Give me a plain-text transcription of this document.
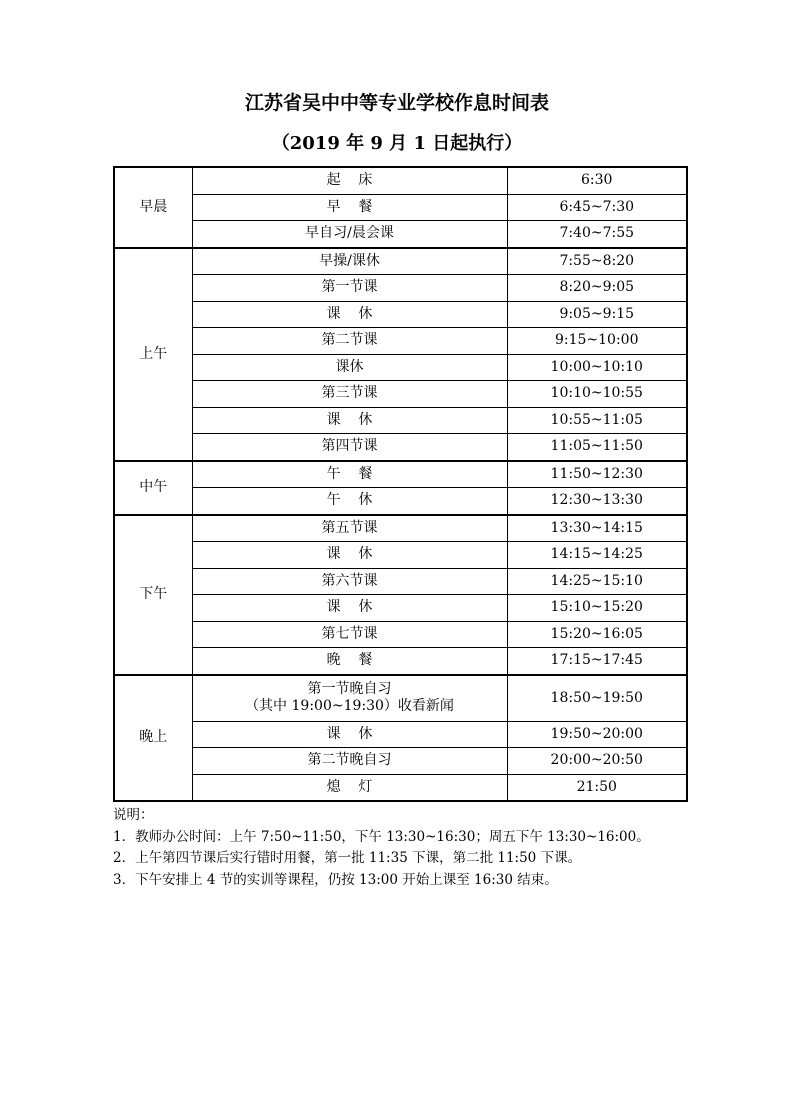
江苏省吴中中等专业学校作息时间表
（2019 年 9 月 1 日起执行）
早晨	起    床	6:30
	早    餐	6:45~7:30
	早自习/晨会课	7:40~7:55
上午	早操/课休	7:55~8:20
	第一节课	8:20~9:05
	课    休	9:05~9:15
	第二节课	9:15~10:00
	课休	10:00~10:10
	第三节课	10:10~10:55
	课    休	10:55~11:05
	第四节课	11:05~11:50
中午	午    餐	11:50~12:30
	午    休	12:30~13:30
下午	第五节课	13:30~14:15
	课    休	14:15~14:25
	第六节课	14:25~15:10
	课    休	15:10~15:20
	第七节课	15:20~16:05
	晚    餐	17:15~17:45
晚上	第一节晚自习
（其中 19:00~19:30）收看新闻	18:50~19:50
	课    休	19:50~20:00
	第二节晚自习	20:00~20:50
	熄    灯	21:50
说明：
1．教师办公时间：上午 7:50~11:50，下午 13:30~16:30；周五下午 13:30~16:00。
2．上午第四节课后实行错时用餐，第一批 11:35 下课，第二批 11:50 下课。
3．下午安排上 4 节的实训等课程，仍按 13:00 开始上课至 16:30 结束。
